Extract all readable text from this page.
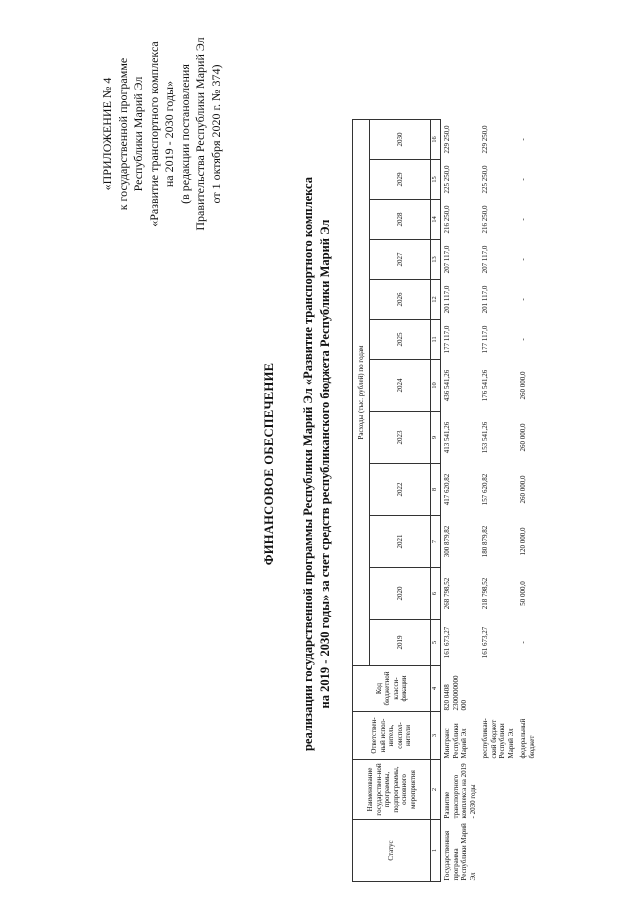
«ПРИЛОЖЕНИЕ № 4 к государственной программе Республики Марий Эл «Развитие транспортного комплекса на 2019 - 2030 годы» (в редакции постановления Правительства Республики Марий Эл от 1 октября 2020 г. № 374)
ФИНАНСОВОЕ ОБЕСПЕЧЕНИЕ реализации государственной программы Республики Марий Эл «Развитие транспортного комплекса на 2019 - 2030 годы» за счет средств республиканского бюджета Республики Марий Эл
Статус	Наименование государствен-ной программы, подпрограммы, основного мероприятия	Ответствен-ный испол-нитель, соиспол-нители	Код бюджетной класси-фикации	Расходы (тыс. рублей) по годам											
				2019	2020	2021	2022	2023	2024	2025	2026	2027	2028	2029	2030
1	2	3	4	5	6	7	8	9	10	11	12	13	14	15	16
Государственная программа Республики Марий Эл	Развитие транспортного комплекса на 2019 - 2030 годы	Минтранс Республики Марий Эл	820 0408 2300000000 000	161 673,27	268 798,52	300 879,82	417 620,82	413 541,26	436 541,26	177 117,0	201 117,0	207 117,0	216 250,0	225 250,0	229 250,0
		республикан-ский бюджет Республики Марий Эл		161 673,27	218 798,52	180 879,82	157 620,82	153 541,26	176 541,26	177 117,0	201 117,0	207 117,0	216 250,0	225 250,0	229 250,0
		федеральный бюджет		-	50 000,0	120 000,0	260 000,0	260 000,0	260 000,0	-	-	-	-	-	-
